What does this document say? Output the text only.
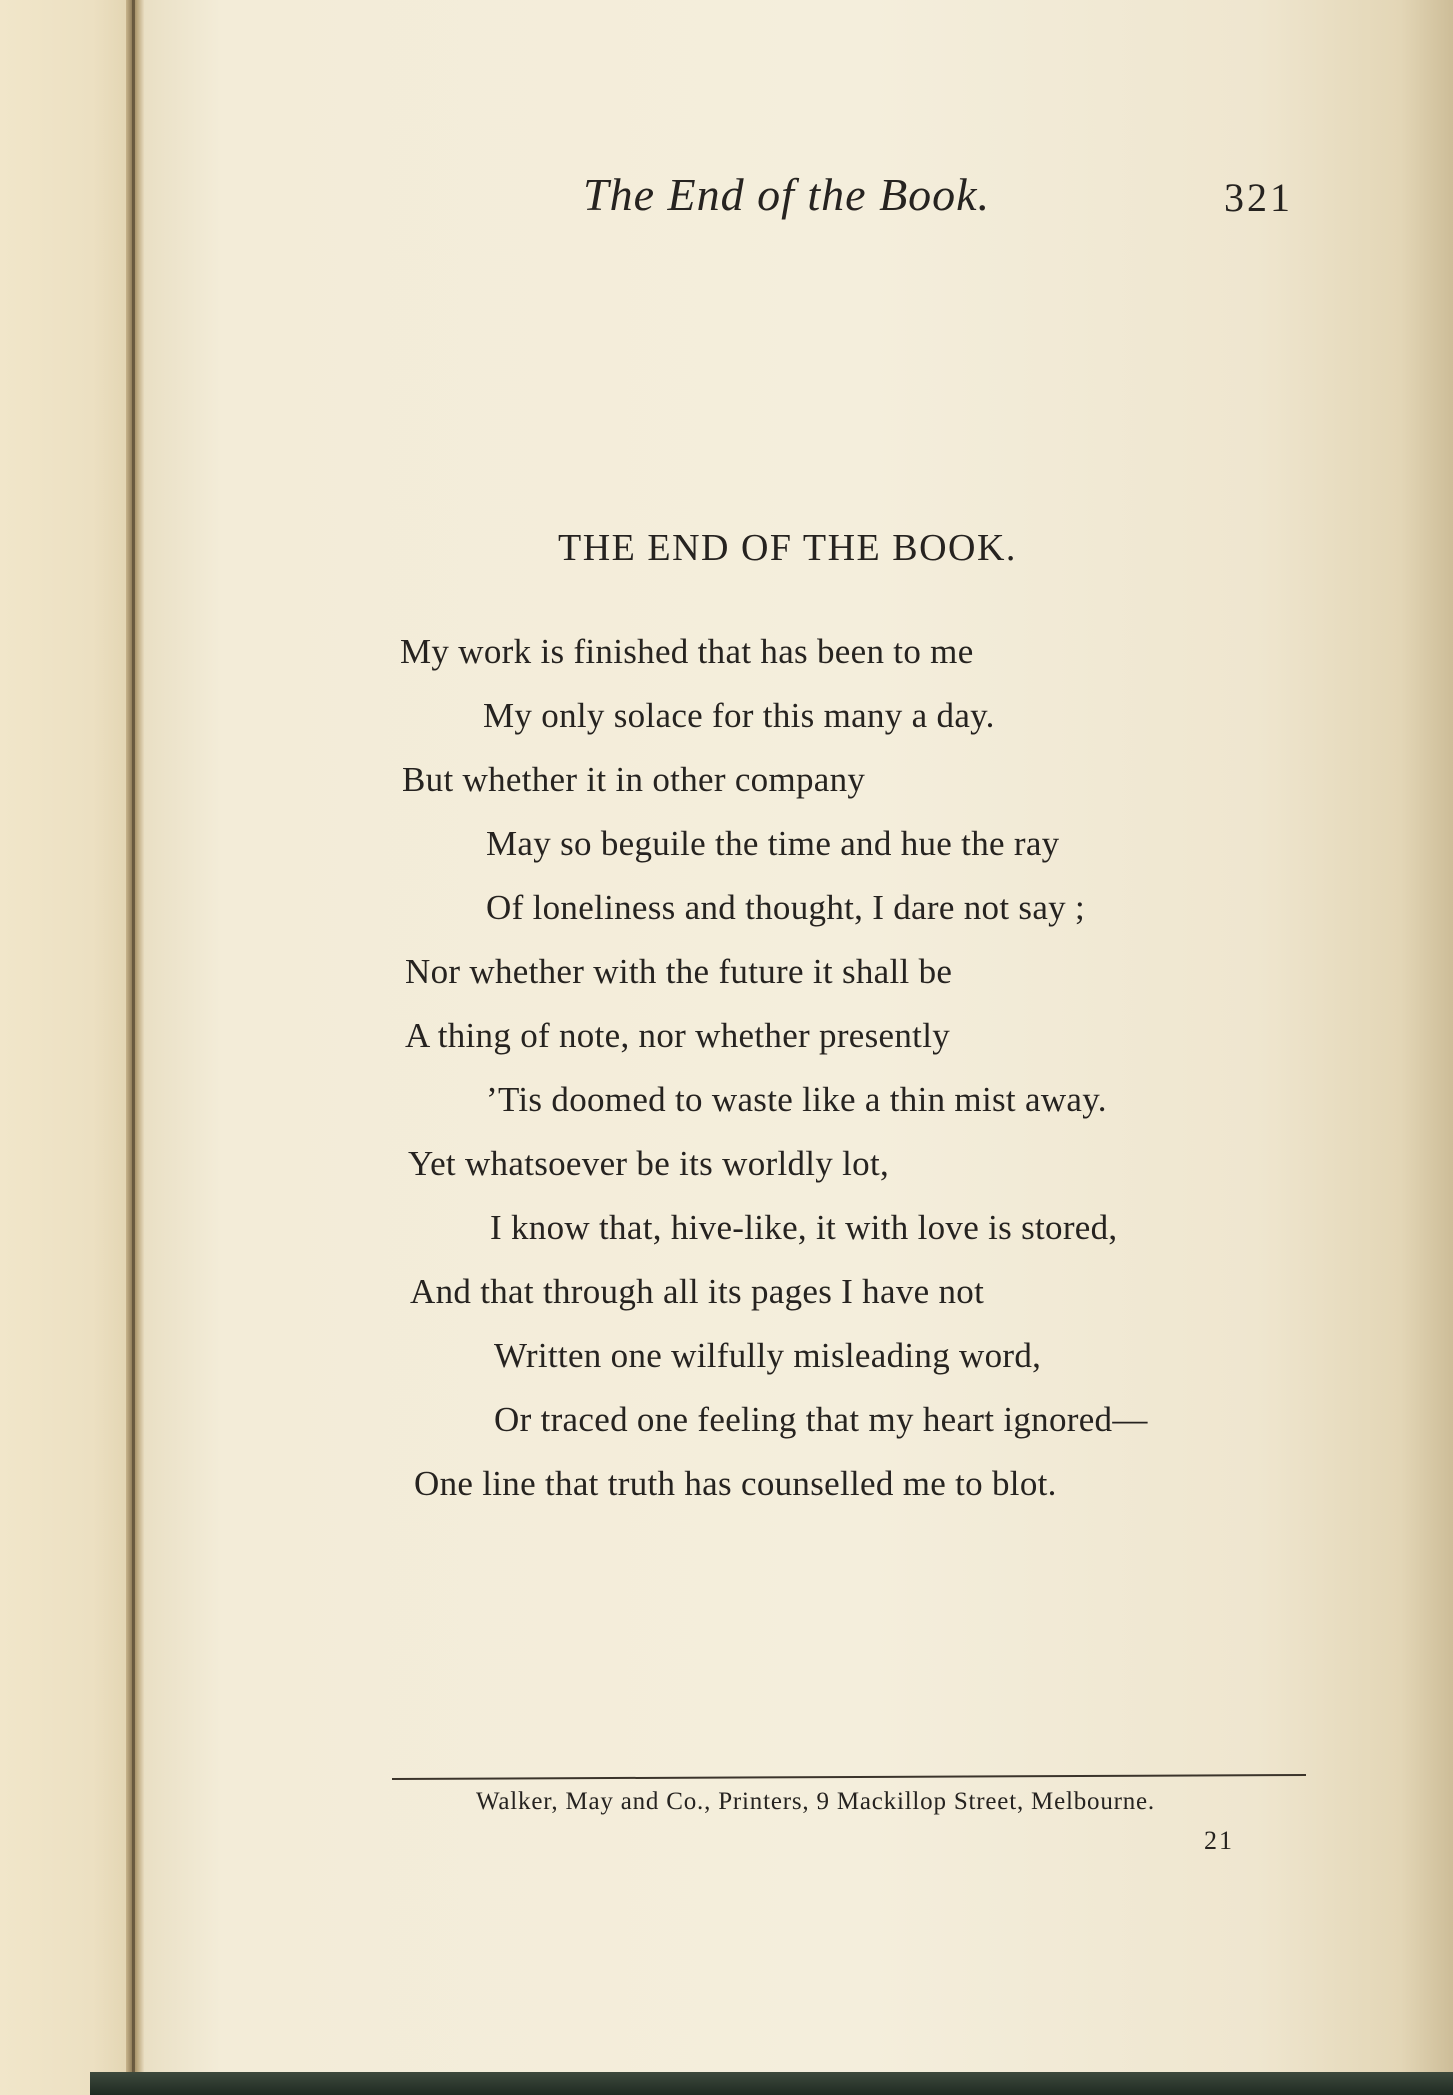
The End of the Book.	321
THE END OF THE BOOK.
My work is finished that has been to me
My only solace for this many a day.
But whether it in other company
May so beguile the time and hue the ray
Of loneliness and thought, I dare not say ;
Nor whether with the future it shall be
A thing of note, nor whether presently
’Tis doomed to waste like a thin mist away.
Yet whatsoever be its worldly lot,
I know that, hive-like, it with love is stored,
And that through all its pages I have not
Written one wilfully misleading word,
Or traced one feeling that my heart ignored—
One line that truth has counselled me to blot.
Walker, May and Co., Printers, 9 Mackillop Street, Melbourne.
21
